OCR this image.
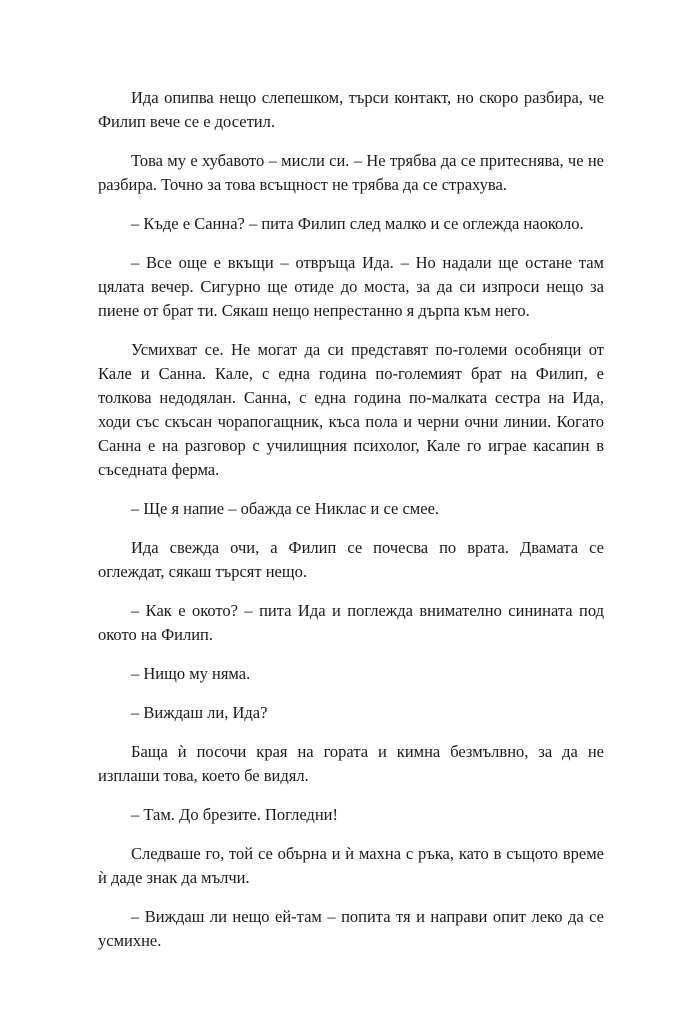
Ида опипва нещо слепешком, търси контакт, но скоро разбира, че Филип вече се е досетил.

Това му е хубавото – мисли си. – Не трябва да се притеснява, че не разбира. Точно за това всъщност не трябва да се страхува.

– Къде е Санна? – пита Филип след малко и се оглежда наоколо.

– Все още е вкъщи – отвръща Ида. – Но надали ще остане там цялата вечер. Сигурно ще отиде до моста, за да си изпроси нещо за пиене от брат ти. Сякаш нещо непрестанно я дърпа към него.

Усмихват се. Не могат да си представят по-големи особняци от Кале и Санна. Кале, с една година по-големият брат на Филип, е толкова недодялан. Санна, с една година по-малката сестра на Ида, ходи със скъсан чорапогащник, къса пола и черни очни линии. Когато Санна е на разговор с училищния психолог, Кале го играе касапин в съседната ферма.

– Ще я напие – обажда се Никлас и се смее.

Ида свежда очи, а Филип се почесва по врата. Двамата се оглеждат, сякаш търсят нещо.

– Как е окото? – пита Ида и поглежда внимателно синината под окото на Филип.

– Нищо му няма.

– Виждаш ли, Ида?

Баща ѝ посочи края на гората и кимна безмълвно, за да не изплаши това, което бе видял.

– Там. До брезите. Погледни!

Следваше го, той се обърна и ѝ махна с ръка, като в същото време ѝ даде знак да мълчи.

– Виждаш ли нещо ей-там – попита тя и направи опит леко да се усмихне.
